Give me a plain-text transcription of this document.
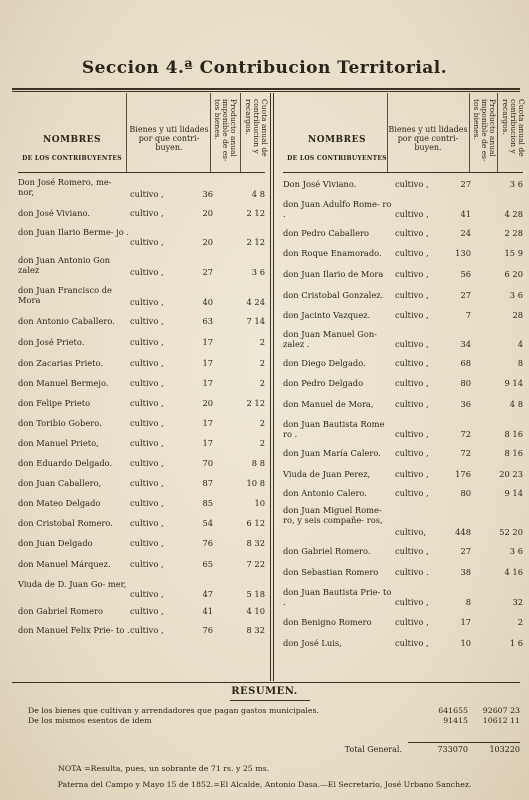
Seccion 4.ª Contribucion Territorial.
NOMBRES
DE LOS CONTRIBUYENTES
Bienes y uti lidades por que contri- buyen.	Producto anual imponible de es- tos bienes.	Cuota anual de contribucion y recargos.
Don José Romero, me- nor,	cultivo ,	36	4 8
don José Viviano.	cultivo ,	20	2 12
don Juan Ilario Berme- jo .
cultivo ,	20	2 12
don Juan Antonio Gon zalez	cultivo ,	27	3 6
don Juan Francisco de Mora	cultivo ,	40	4 24
don Antonio Caballero.	cultivo ,	63	7 14
don José Prieto.	cultivo ,	17	2
don Zacarias Prieto.	cultivo ,	17	2
don Manuel Bermejo.	cultivo ,	17	2
don Felipe Prieto	cultivo ,	20	2 12
don Toribio Gobero.	cultivo ,	17	2
don Manuel Prieto,	cultivo ,	17	2
don Eduardo Delgado.	cultivo ,	70	8 8
don Juan Caballero,	cultivo ,	87	10 8
don Mateo Delgado	cultivo ,	85	10
don Cristobal Romero.	cultivo ,	54	6 12
don Juan Delgado	cultivo ,	76	8 32
don Manuel Márquez.	cultivo ,	65	7 22
Viuda de D. Juan Go- mer,
cultivo ,	47	5 18
don Gabriel Romero	cultivo ,	41	4 10
don Manuel Felix Prie- to . cultivo ,	76	8 32
NOMBRES
DE LOS CONTRIBUYENTES
Bienes y uti lidades por que contri- buyen.	Producto anual imponible de es- tos bienes.	Cuota anual de contribucion y recargos.
Don José Viviano.	cultivo ,	27	3 6
don Juan Adulfo Rome- ro .	cultivo ,	41	4 28
don Pedro Caballero	cultivo ,	24	2 28
don Roque Enamorado.	cultivo ,	130	15 9
don Juan Ilario de Mora	cultivo ,	56	6 20
don Cristobal Gonzalez.	cultivo ,	27	3 6
don Jacinto Vazquez.	cultivo ,	7	28
don Juan Manuel Gon- zalez .	cultivo ,	34	4
don Diego Delgado.	cultivo ,	68	8
don Pedro Delgado	cultivo ,	80	9 14
don Manuel de Mora,	cultivo ,	36	4 8
don Juan Bautista Rome ro .	cultivo ,	72	8 16
don Juan María Calero.	cultivo ,	72	8 16
Viuda de Juan Perez,	cultivo ,	176	20 23
don Antonio Calero.	cultivo ,	80	9 14
don Juan Miguel Rome- ro, y seis compañe- ros,
cultivo,	448	52 20
don Gabriel Romero.	cultivo ,	27	3 6
don Sebastian Romero	cultivo .	38	4 16
don Juan Bautista Prie- to .	cultivo ,	8	32
don Benigno Romero	cultivo ,	17	2
don José Luis,	cultivo ,	10	1 6
RESUMEN.
De los bienes que cultivan y arrendadores que pagan gastos municipales.	641655	92607 23
De los mismos esentos de idem	91415	10612 11
Total General.	733070	103220
NOTA =Resulta, pues, un sobrante de 71 rs. y 25 ms.
Paterna del Campo y Mayo 15 de 1852.=El Alcalde, Antonio Dasa.—El Secretario, José Urbano Sanchez.
